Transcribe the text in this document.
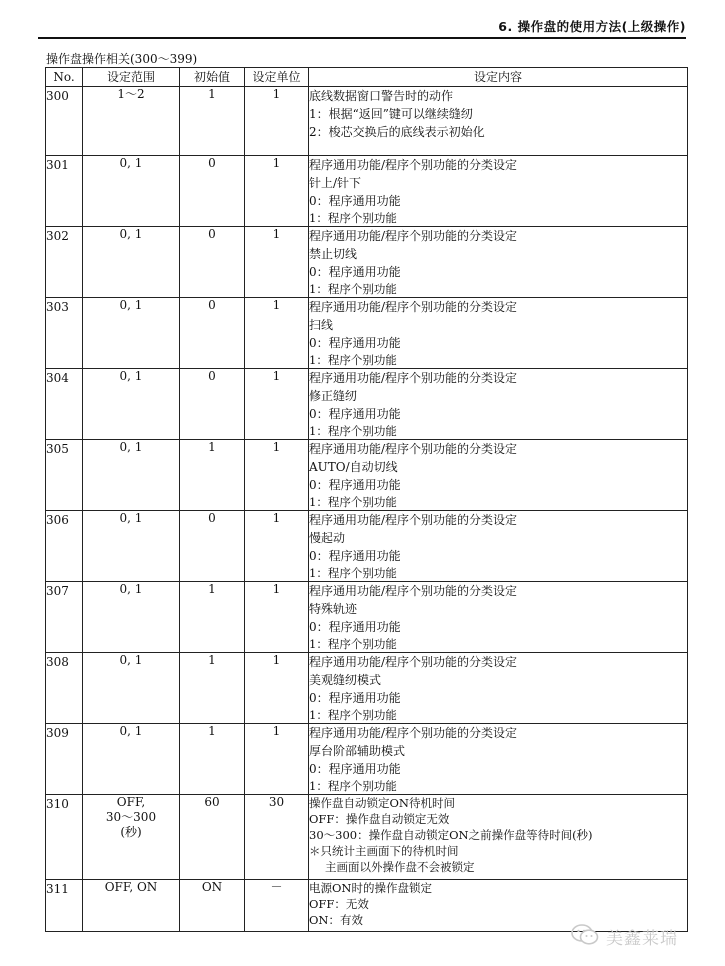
6. 操作盘的使用方法(上级操作)
操作盘操作相关(300～399)
No.	设定范围	初始值	设定单位	设定内容
300	1～2	1	1	底线数据窗口警告时的动作
1：根据“返回”键可以继续缝纫
2：梭芯交换后的底线表示初始化

301	0, 1	0	1	程序通用功能/程序个别功能的分类设定
针上/针下
0：程序通用功能
1：程序个别功能

302	0, 1	0	1	程序通用功能/程序个别功能的分类设定
禁止切线
0：程序通用功能
1：程序个别功能

303	0, 1	0	1	程序通用功能/程序个别功能的分类设定
扫线
0：程序通用功能
1：程序个别功能

304	0, 1	0	1	程序通用功能/程序个别功能的分类设定
修正缝纫
0：程序通用功能
1：程序个别功能

305	0, 1	1	1	程序通用功能/程序个别功能的分类设定
AUTO/自动切线
0：程序通用功能
1：程序个别功能

306	0, 1	0	1	程序通用功能/程序个别功能的分类设定
慢起动
0：程序通用功能
1：程序个别功能

307	0, 1	1	1	程序通用功能/程序个别功能的分类设定
特殊轨迹
0：程序通用功能
1：程序个别功能

308	0, 1	1	1	程序通用功能/程序个别功能的分类设定
美观缝纫模式
0：程序通用功能
1：程序个别功能

309	0, 1	1	1	程序通用功能/程序个别功能的分类设定
厚台阶部辅助模式
0：程序通用功能
1：程序个别功能

310	OFF,
30～300
(秒)	60	30	操作盘自动锁定ON待机时间
OFF：操作盘自动锁定无效
30～300：操作盘自动锁定ON之前操作盘等待时间(秒)
＊只统计主画面下的待机时间
主画面以外操作盘不会被锁定

311	OFF, ON	ON	－	电源ON时的操作盘锁定
OFF：无效
ON：有效
美鑫莱瑞
